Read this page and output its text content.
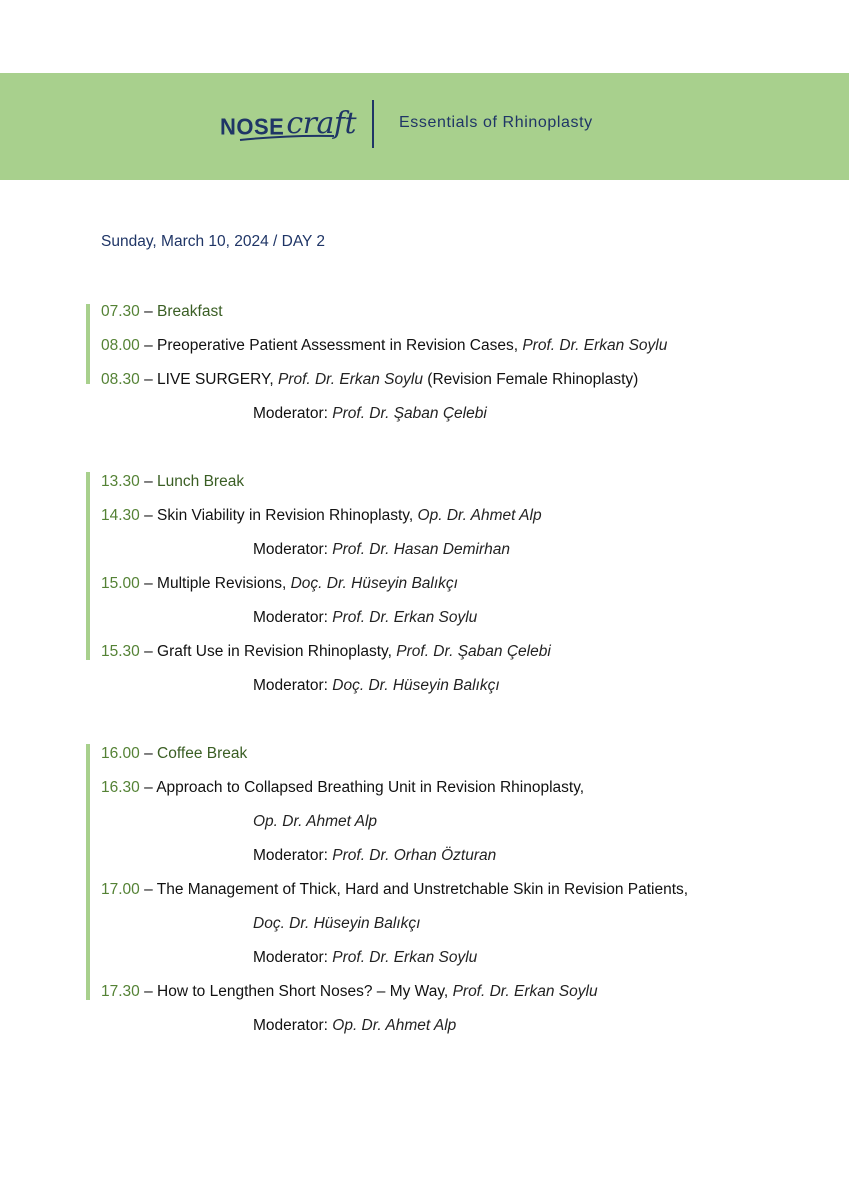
NOSE craft	Essentials of Rhinoplasty
Sunday, March 10, 2024 / DAY 2
07.30 – Breakfast
08.00 – Preoperative Patient Assessment in Revision Cases, Prof. Dr. Erkan Soylu
08.30 – LIVE SURGERY, Prof. Dr. Erkan Soylu (Revision Female Rhinoplasty)
Moderator: Prof. Dr. Şaban Çelebi
13.30 – Lunch Break
14.30 – Skin Viability in Revision Rhinoplasty, Op. Dr. Ahmet Alp
Moderator: Prof. Dr. Hasan Demirhan
15.00 – Multiple Revisions, Doç. Dr. Hüseyin Balıkçı
Moderator: Prof. Dr. Erkan Soylu
15.30 – Graft Use in Revision Rhinoplasty, Prof. Dr. Şaban Çelebi
Moderator: Doç. Dr. Hüseyin Balıkçı
16.00 – Coffee Break
16.30 – Approach to Collapsed Breathing Unit in Revision Rhinoplasty,
Op. Dr. Ahmet Alp
Moderator: Prof. Dr. Orhan Özturan
17.00 – The Management of Thick, Hard and Unstretchable Skin in Revision Patients,
Doç. Dr. Hüseyin Balıkçı
Moderator: Prof. Dr. Erkan Soylu
17.30 – How to Lengthen Short Noses? – My Way, Prof. Dr. Erkan Soylu
Moderator: Op. Dr. Ahmet Alp
